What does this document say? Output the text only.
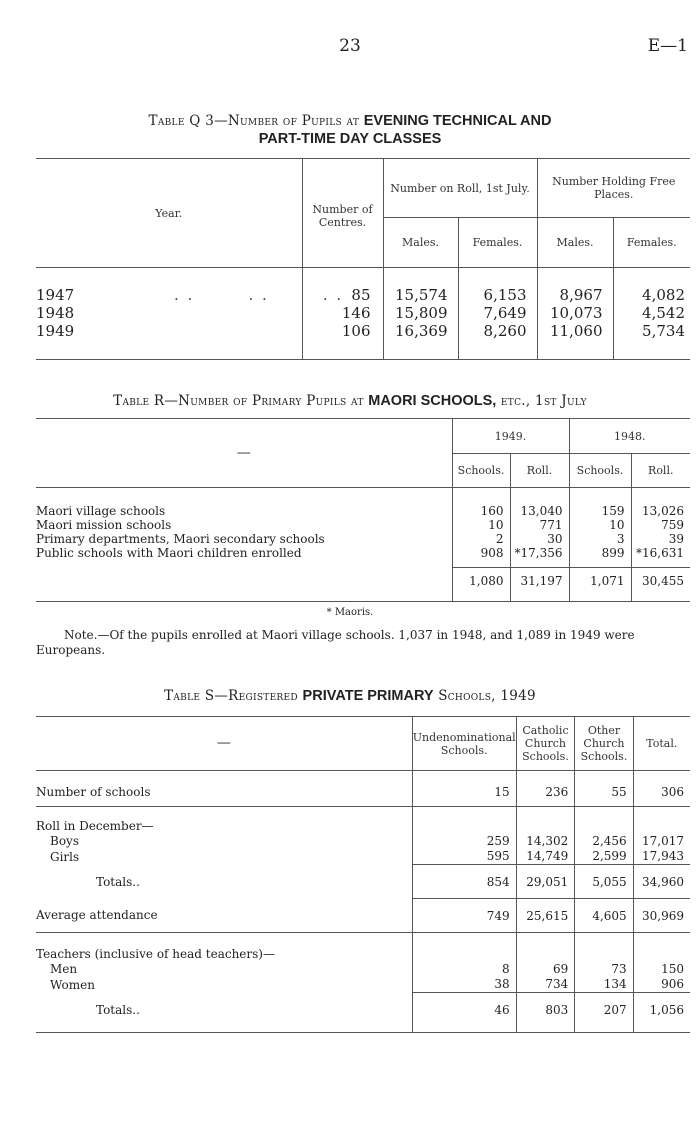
23	E—1
Table Q 3—Number of Pupils at EVENING TECHNICAL AND
PART-TIME DAY CLASSES
Year.	Number of Centres.	Number on Roll, 1st July.		Number Holding Free Places.	
		Males.	Females.	Males.	Females.

1947 . .        . .        . .	85	15,574	6,153	8,967	4,082
1948	146	15,809	7,649	10,073	4,542
1949	106	16,369	8,260	11,060	5,734

Table R—Number of Primary Pupils at MAORI SCHOOLS, etc., 1st July
—	1949.		1948.	
	Schools.	Roll.	Schools.	Roll.

Maori village schools	160	13,040	159	13,026
Maori mission schools	10	771	10	759
Primary departments, Maori secondary schools	2	30	3	39
Public schools with Maori children enrolled	908	*17,356	899	*16,631

	1,080	31,197	1,071	30,455

* Maoris.
Note.—Of the pupils enrolled at Maori village schools. 1,037 in 1948, and 1,089 in 1949 were Europeans.
Table S—Registered PRIVATE PRIMARY Schools, 1949
—	Undenominational Schools.	Catholic Church Schools.	Other Church Schools.	Total.

Number of schools	15	236	55	306
Roll in December—				
Boys	259	14,302	2,456	17,017
Girls	595	14,749	2,599	17,943
Totals..	854	29,051	5,055	34,960
Average attendance	749	25,615	4,605	30,969
Teachers (inclusive of head teachers)—				
Men	8	69	73	150
Women	38	734	134	906
Totals..	46	803	207	1,056
